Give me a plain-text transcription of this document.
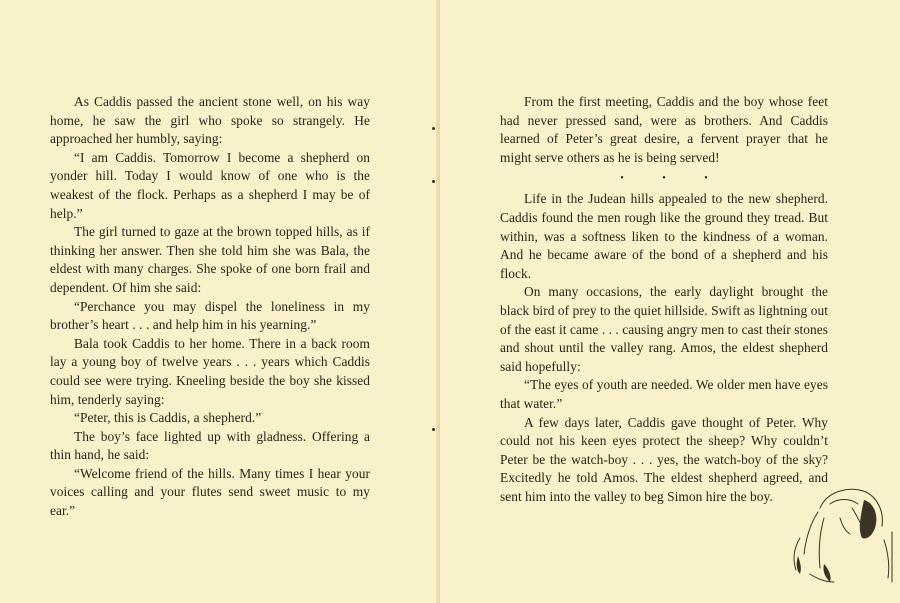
As Caddis passed the ancient stone well, on his way home, he saw the girl who spoke so strangely. He approached her humbly, saying:

“I am Caddis. Tomorrow I become a shepherd on yonder hill. Today I would know of one who is the weakest of the flock. Perhaps as a shepherd I may be of help.”

The girl turned to gaze at the brown topped hills, as if thinking her answer. Then she told him she was Bala, the eldest with many charges. She spoke of one born frail and dependent. Of him she said:

“Perchance you may dispel the loneliness in my brother’s heart . . . and help him in his yearning.”

Bala took Caddis to her home. There in a back room lay a young boy of twelve years . . . years which Caddis could see were trying. Kneeling beside the boy she kissed him, tenderly saying:

“Peter, this is Caddis, a shepherd.”

The boy’s face lighted up with gladness. Offering a thin hand, he said:

“Welcome friend of the hills. Many times I hear your voices calling and your flutes send sweet music to my ear.”

From the first meeting, Caddis and the boy whose feet had never pressed sand, were as brothers. And Caddis learned of Peter’s great desire, a fervent prayer that he might serve others as he is being served!

• • •

Life in the Judean hills appealed to the new shepherd. Caddis found the men rough like the ground they tread. But within, was a softness liken to the kindness of a woman. And he became aware of the bond of a shepherd and his flock.

On many occasions, the early daylight brought the black bird of prey to the quiet hillside. Swift as lightning out of the east it came . . . causing angry men to cast their stones and shout until the valley rang. Amos, the eldest shepherd said hopefully:

“The eyes of youth are needed. We older men have eyes that water.”

A few days later, Caddis gave thought of Peter. Why could not his keen eyes protect the sheep? Why couldn’t Peter be the watch-boy . . . yes, the watch-boy of the sky? Excitedly he told Amos. The eldest shepherd agreed, and sent him into the valley to beg Simon hire the boy.
